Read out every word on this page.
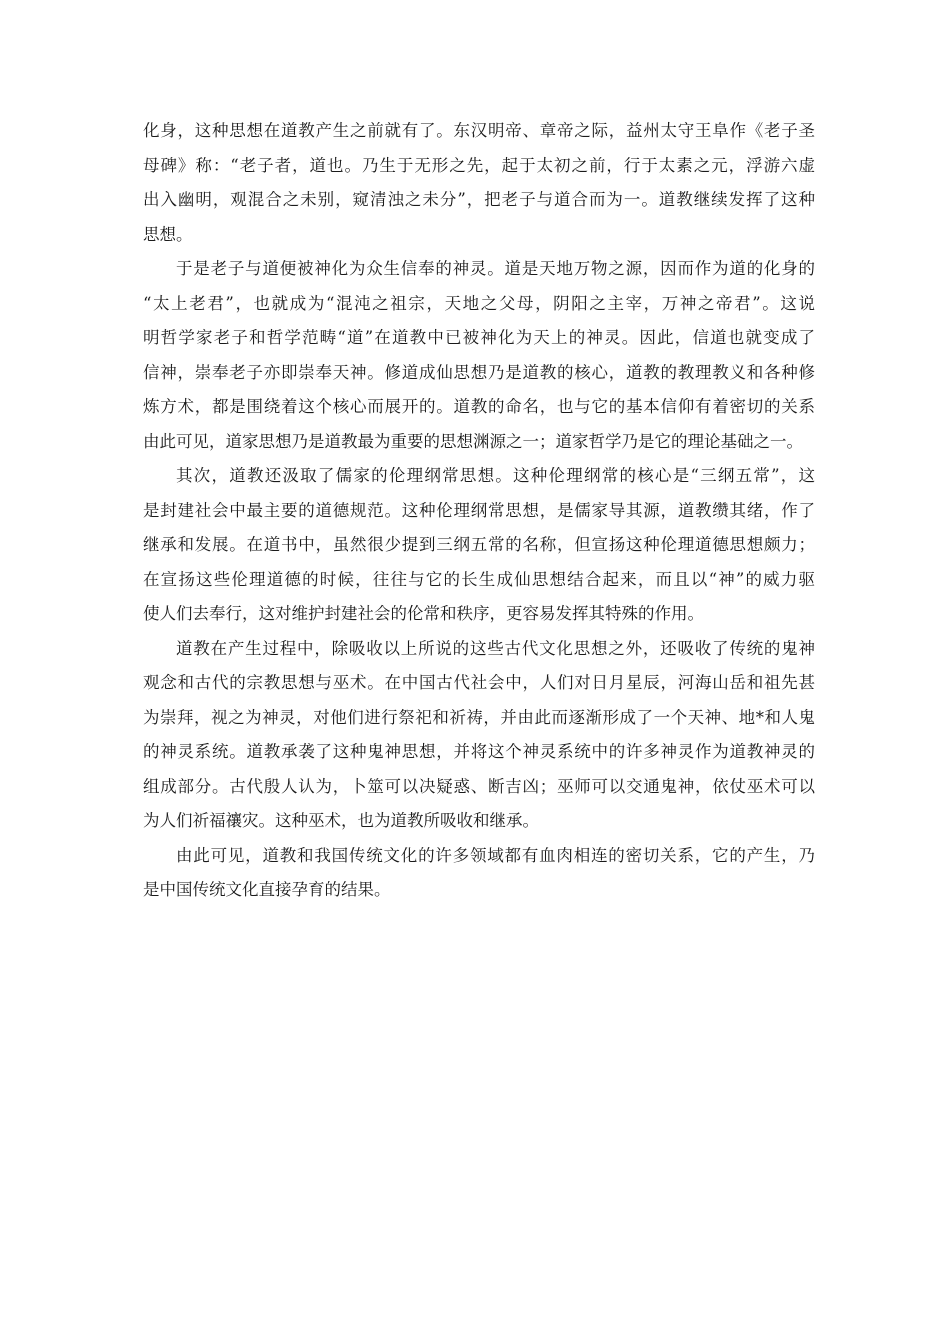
化身，这种思想在道教产生之前就有了。东汉明帝、章帝之际，益州太守王阜作《老子圣
母碑》称：“老子者，道也。乃生于无形之先，起于太初之前，行于太素之元，浮游六虚
出入幽明，观混合之未别，窥清浊之未分”，把老子与道合而为一。道教继续发挥了这种
思想。
于是老子与道便被神化为众生信奉的神灵。道是天地万物之源，因而作为道的化身的
“太上老君”，也就成为“混沌之祖宗，天地之父母，阴阳之主宰，万神之帝君”。这说
明哲学家老子和哲学范畴“道”在道教中已被神化为天上的神灵。因此，信道也就变成了
信神，崇奉老子亦即崇奉天神。修道成仙思想乃是道教的核心，道教的教理教义和各种修
炼方术，都是围绕着这个核心而展开的。道教的命名，也与它的基本信仰有着密切的关系
由此可见，道家思想乃是道教最为重要的思想渊源之一；道家哲学乃是它的理论基础之一。
其次，道教还汲取了儒家的伦理纲常思想。这种伦理纲常的核心是“三纲五常”，这
是封建社会中最主要的道德规范。这种伦理纲常思想，是儒家导其源，道教缵其绪，作了
继承和发展。在道书中，虽然很少提到三纲五常的名称，但宣扬这种伦理道德思想颇力；
在宣扬这些伦理道德的时候，往往与它的长生成仙思想结合起来，而且以“神”的威力驱
使人们去奉行，这对维护封建社会的伦常和秩序，更容易发挥其特殊的作用。
道教在产生过程中，除吸收以上所说的这些古代文化思想之外，还吸收了传统的鬼神
观念和古代的宗教思想与巫术。在中国古代社会中，人们对日月星辰，河海山岳和祖先甚
为崇拜，视之为神灵，对他们进行祭祀和祈祷，并由此而逐渐形成了一个天神、地*和人鬼
的神灵系统。道教承袭了这种鬼神思想，并将这个神灵系统中的许多神灵作为道教神灵的
组成部分。古代殷人认为，卜筮可以决疑惑、断吉凶；巫师可以交通鬼神，依仗巫术可以
为人们祈福禳灾。这种巫术，也为道教所吸收和继承。
由此可见，道教和我国传统文化的许多领域都有血肉相连的密切关系，它的产生，乃
是中国传统文化直接孕育的结果。
